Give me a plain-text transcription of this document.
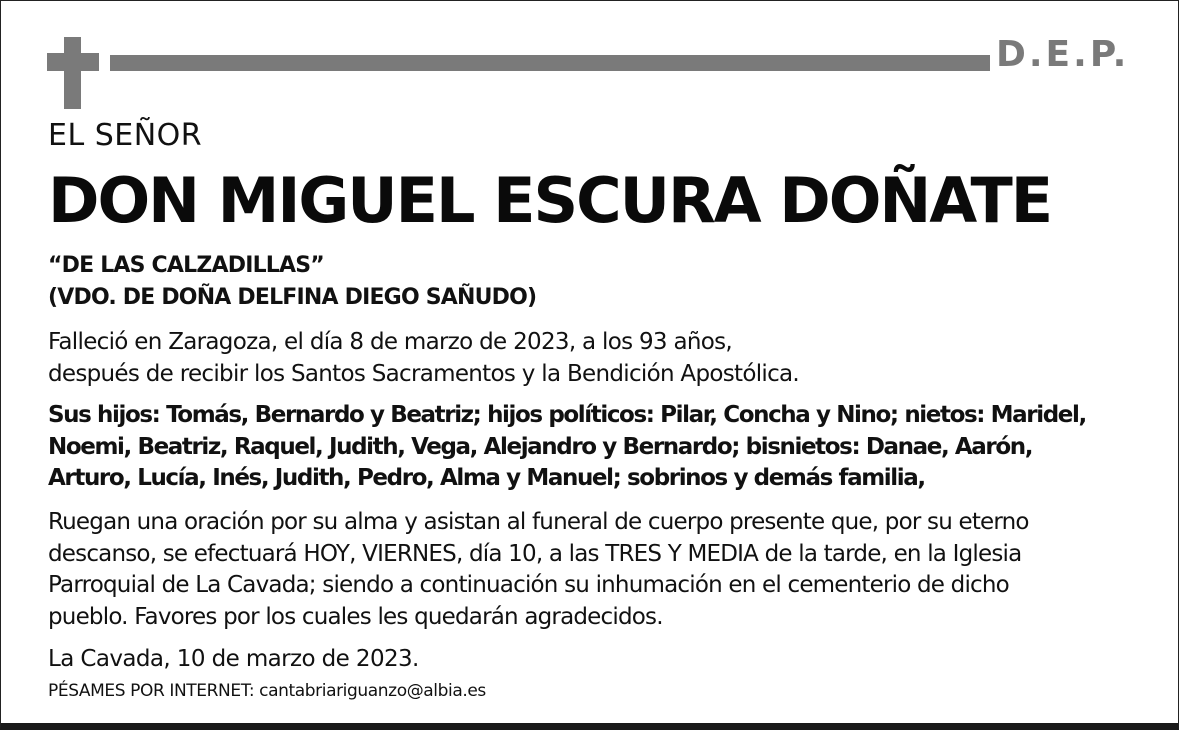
D.E.P.
EL SEÑOR
DON MIGUEL ESCURA DOÑATE
“DE LAS CALZADILLAS”
(VDO. DE DOÑA DELFINA DIEGO SAÑUDO)
Falleció en Zaragoza, el día 8 de marzo de 2023, a los 93 años,
después de recibir los Santos Sacramentos y la Bendición Apostólica.
Sus hijos: Tomás, Bernardo y Beatriz; hijos políticos: Pilar, Concha y Nino; nietos: Maridel,
Noemi, Beatriz, Raquel, Judith, Vega, Alejandro y Bernardo; bisnietos: Danae, Aarón,
Arturo, Lucía, Inés, Judith, Pedro, Alma y Manuel; sobrinos y demás familia,
Ruegan una oración por su alma y asistan al funeral de cuerpo presente que, por su eterno
descanso, se efectuará HOY, VIERNES, día 10, a las TRES Y MEDIA de la tarde, en la Iglesia
Parroquial de La Cavada; siendo a continuación su inhumación en el cementerio de dicho
pueblo. Favores por los cuales les quedarán agradecidos.
La Cavada, 10 de marzo de 2023.
PÉSAMES POR INTERNET: cantabriariguanzo@albia.es
